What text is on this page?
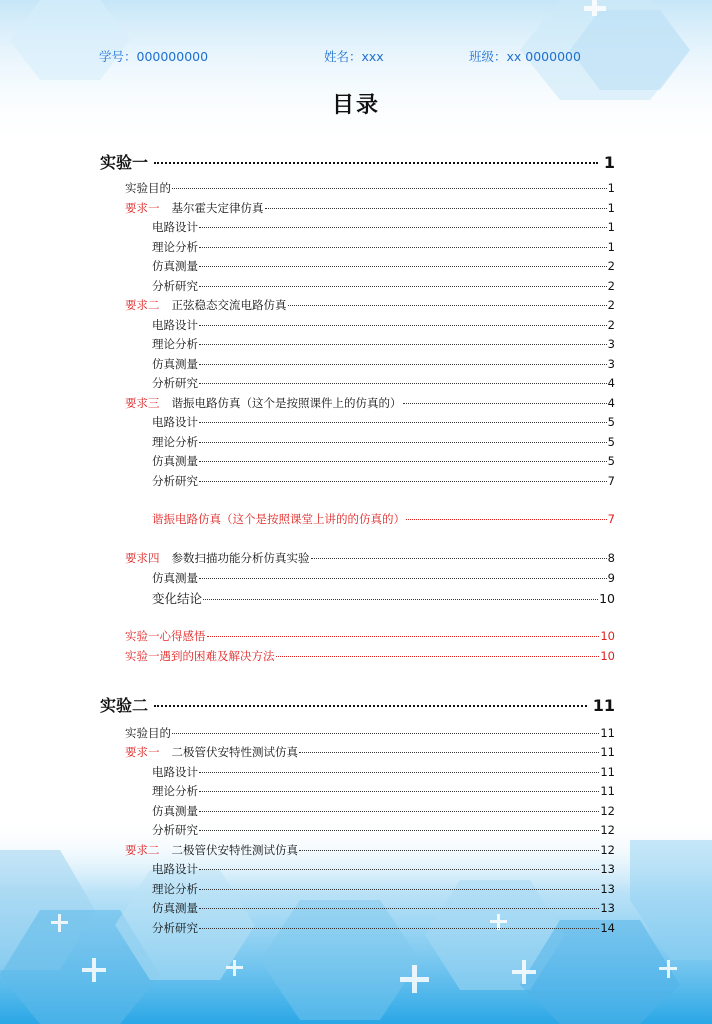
学号：000000000	姓名：xxx	班级：xx 0000000
目录
实验一	1
实验目的	1
要求一 基尔霍夫定律仿真	1
电路设计	1
理论分析	1
仿真测量	2
分析研究	2
要求二 正弦稳态交流电路仿真	2
电路设计	2
理论分析	3
仿真测量	3
分析研究	4
要求三 谐振电路仿真（这个是按照课件上的仿真的）	4
电路设计	5
理论分析	5
仿真测量	5
分析研究	7
谐振电路仿真（这个是按照课堂上讲的的仿真的）	7
要求四 参数扫描功能分析仿真实验	8
仿真测量	9
变化结论	10
实验一心得感悟	10
实验一遇到的困难及解决方法	10
实验二	11
实验目的	11
要求一 二极管伏安特性测试仿真	11
电路设计	11
理论分析	11
仿真测量	12
分析研究	12
要求二 二极管伏安特性测试仿真	12
电路设计	13
理论分析	13
仿真测量	13
分析研究	14
